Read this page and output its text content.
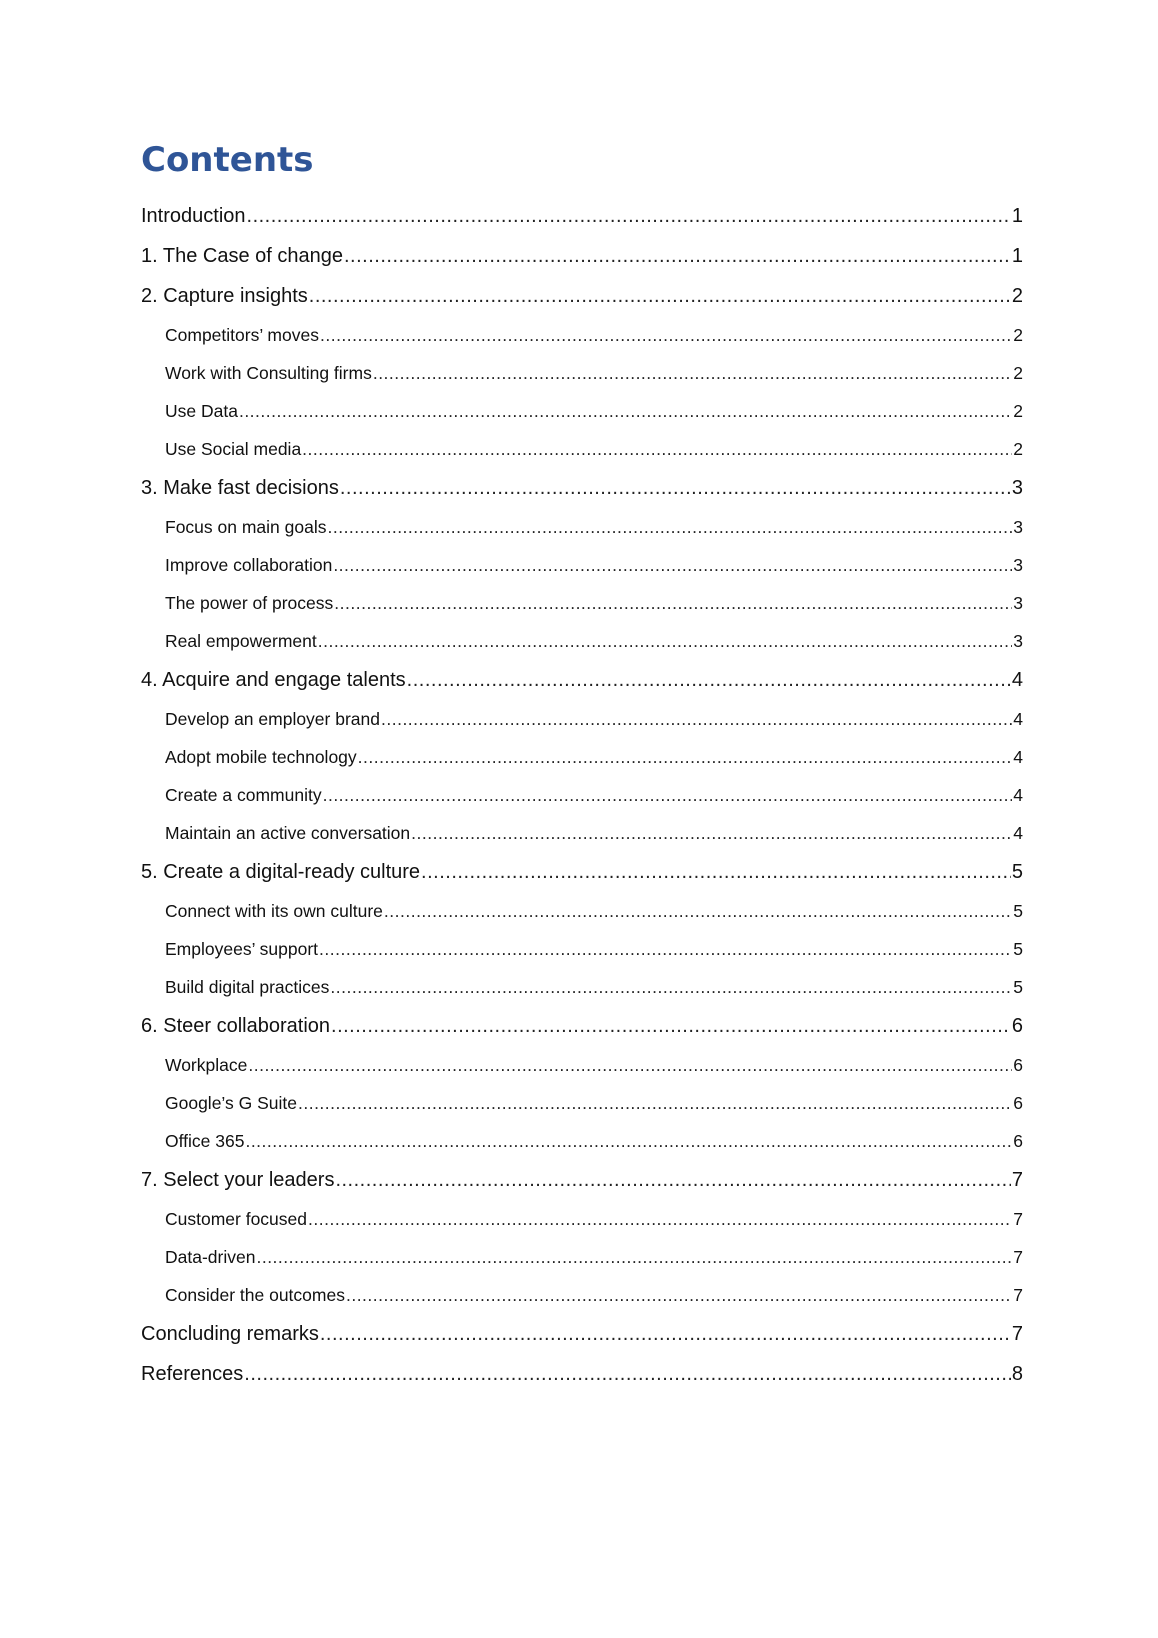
Contents
Introduction .....	1
1. The Case of change .....	1
2. Capture insights .....	2
Competitors’ moves .....	2
Work with Consulting firms .....	2
Use Data .....	2
Use Social media .....	2
3. Make fast decisions .....	3
Focus on main goals .....	3
Improve collaboration .....	3
The power of process .....	3
Real empowerment .....	3
4. Acquire and engage talents .....	4
Develop an employer brand .....	4
Adopt mobile technology .....	4
Create a community .....	4
Maintain an active conversation .....	4
5. Create a digital-ready culture .....	5
Connect with its own culture .....	5
Employees’ support .....	5
Build digital practices .....	5
6. Steer collaboration .....	6
Workplace .....	6
Google’s G Suite .....	6
Office 365 .....	6
7. Select your leaders .....	7
Customer focused .....	7
Data-driven .....	7
Consider the outcomes .....	7
Concluding remarks .....	7
References .....	8
